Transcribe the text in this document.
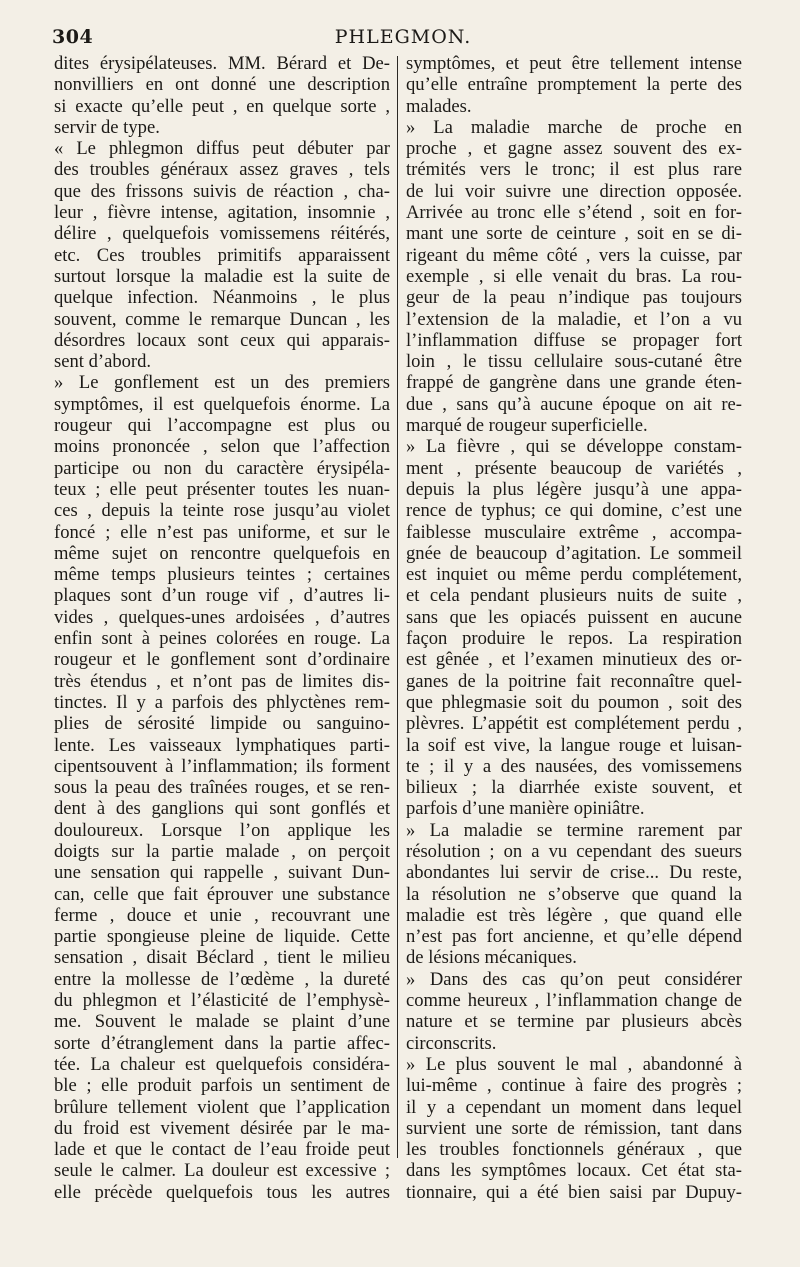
304	PHLEGMON.
dites érysipélateuses. MM. Bérard et De-
nonvilliers en ont donné une description
si exacte qu’elle peut , en quelque sorte ,
servir de type.
« Le phlegmon diffus peut débuter par
des troubles généraux assez graves , tels
que des frissons suivis de réaction , cha-
leur , fièvre intense, agitation, insomnie ,
délire , quelquefois vomissemens réitérés,
etc. Ces troubles primitifs apparaissent
surtout lorsque la maladie est la suite de
quelque infection. Néanmoins , le plus
souvent, comme le remarque Duncan , les
désordres locaux sont ceux qui apparais-
sent d’abord.
» Le gonflement est un des premiers
symptômes, il est quelquefois énorme. La
rougeur qui l’accompagne est plus ou
moins prononcée , selon que l’affection
participe ou non du caractère érysipéla-
teux ; elle peut présenter toutes les nuan-
ces , depuis la teinte rose jusqu’au violet
foncé ; elle n’est pas uniforme, et sur le
même sujet on rencontre quelquefois en
même temps plusieurs teintes ; certaines
plaques sont d’un rouge vif , d’autres li-
vides , quelques-unes ardoisées , d’autres
enfin sont à peines colorées en rouge. La
rougeur et le gonflement sont d’ordinaire
très étendus , et n’ont pas de limites dis-
tinctes. Il y a parfois des phlyctènes rem-
plies de sérosité limpide ou sanguino-
lente. Les vaisseaux lymphatiques parti-
cipentsouvent à l’inflammation; ils forment
sous la peau des traînées rouges, et se ren-
dent à des ganglions qui sont gonflés et
douloureux. Lorsque l’on applique les
doigts sur la partie malade , on perçoit
une sensation qui rappelle , suivant Dun-
can, celle que fait éprouver une substance
ferme , douce et unie , recouvrant une
partie spongieuse pleine de liquide. Cette
sensation , disait Béclard , tient le milieu
entre la mollesse de l’œdème , la dureté
du phlegmon et l’élasticité de l’emphysè-
me. Souvent le malade se plaint d’une
sorte d’étranglement dans la partie affec-
tée. La chaleur est quelquefois considéra-
ble ; elle produit parfois un sentiment de
brûlure tellement violent que l’application
du froid est vivement désirée par le ma-
lade et que le contact de l’eau froide peut
seule le calmer. La douleur est excessive ;
elle précède quelquefois tous les autres
symptômes, et peut être tellement intense
qu’elle entraîne promptement la perte des
malades.
» La maladie marche de proche en
proche , et gagne assez souvent des ex-
trémités vers le tronc; il est plus rare
de lui voir suivre une direction opposée.
Arrivée au tronc elle s’étend , soit en for-
mant une sorte de ceinture , soit en se di-
rigeant du même côté , vers la cuisse, par
exemple , si elle venait du bras. La rou-
geur de la peau n’indique pas toujours
l’extension de la maladie, et l’on a vu
l’inflammation diffuse se propager fort
loin , le tissu cellulaire sous-cutané être
frappé de gangrène dans une grande éten-
due , sans qu’à aucune époque on ait re-
marqué de rougeur superficielle.
» La fièvre , qui se développe constam-
ment , présente beaucoup de variétés ,
depuis la plus légère jusqu’à une appa-
rence de typhus; ce qui domine, c’est une
faiblesse musculaire extrême , accompa-
gnée de beaucoup d’agitation. Le sommeil
est inquiet ou même perdu complétement,
et cela pendant plusieurs nuits de suite ,
sans que les opiacés puissent en aucune
façon produire le repos. La respiration
est gênée , et l’examen minutieux des or-
ganes de la poitrine fait reconnaître quel-
que phlegmasie soit du poumon , soit des
plèvres. L’appétit est complétement perdu ,
la soif est vive, la langue rouge et luisan-
te ; il y a des nausées, des vomissemens
bilieux ; la diarrhée existe souvent, et
parfois d’une manière opiniâtre.
» La maladie se termine rarement par
résolution ; on a vu cependant des sueurs
abondantes lui servir de crise... Du reste,
la résolution ne s’observe que quand la
maladie est très légère , que quand elle
n’est pas fort ancienne, et qu’elle dépend
de lésions mécaniques.
» Dans des cas qu’on peut considérer
comme heureux , l’inflammation change de
nature et se termine par plusieurs abcès
circonscrits.
» Le plus souvent le mal , abandonné à
lui-même , continue à faire des progrès ;
il y a cependant un moment dans lequel
survient une sorte de rémission, tant dans
les troubles fonctionnels généraux , que
dans les symptômes locaux. Cet état sta-
tionnaire, qui a été bien saisi par Dupuy-
